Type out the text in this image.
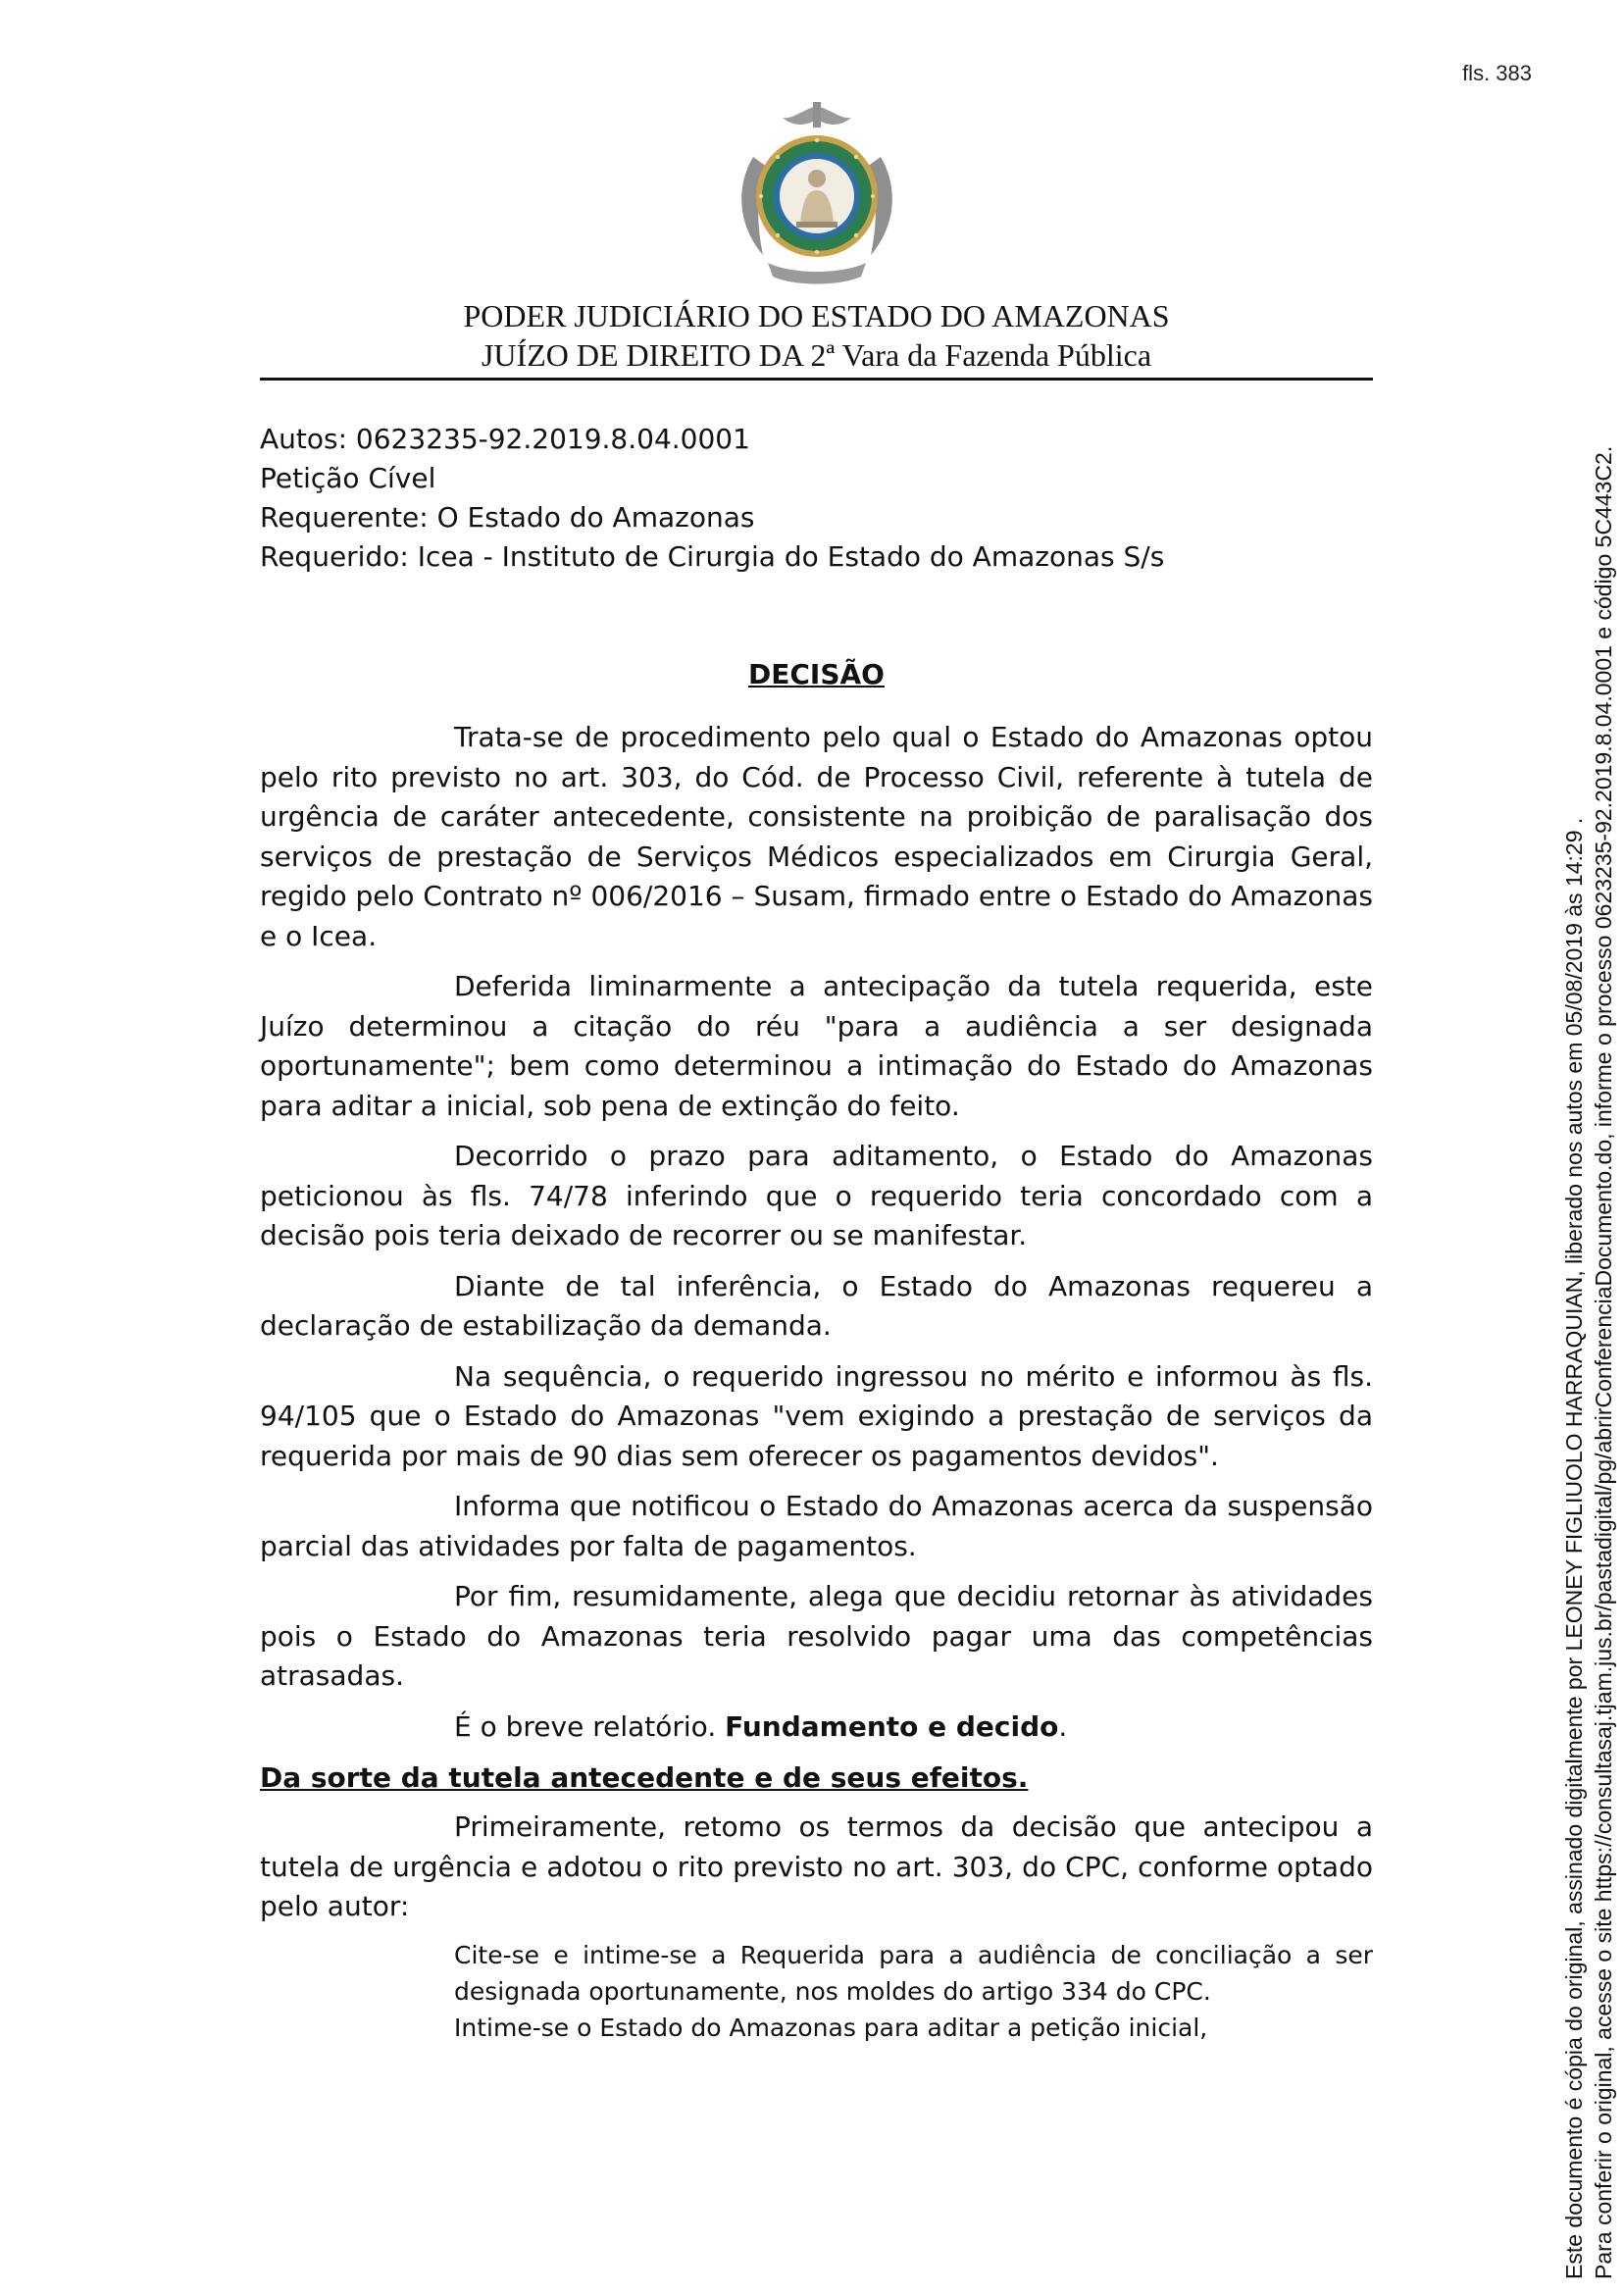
fls. 383
PODER JUDICIÁRIO DO ESTADO DO AMAZONAS
JUÍZO DE DIREITO DA 2ª Vara da Fazenda Pública

Autos: 0623235-92.2019.8.04.0001

Petição Cível

Requerente: O Estado do Amazonas

Requerido: Icea - Instituto de Cirurgia do Estado do Amazonas S/s

DECISÃO

Trata-se de procedimento pelo qual o Estado do Amazonas optou pelo rito previsto no art. 303, do Cód. de Processo Civil, referente à tutela de urgência de caráter antecedente, consistente na proibição de paralisação dos serviços de prestação de Serviços Médicos especializados em Cirurgia Geral, regido pelo Contrato nº 006/2016 – Susam, firmado entre o Estado do Amazonas e o Icea.

Deferida liminarmente a antecipação da tutela requerida, este Juízo determinou a citação do réu "para a audiência a ser designada oportunamente"; bem como determinou a intimação do Estado do Amazonas para aditar a inicial, sob pena de extinção do feito.

Decorrido o prazo para aditamento, o Estado do Amazonas peticionou às fls. 74/78 inferindo que o requerido teria concordado com a decisão pois teria deixado de recorrer ou se manifestar.

Diante de tal inferência, o Estado do Amazonas requereu a declaração de estabilização da demanda.

Na sequência, o requerido ingressou no mérito e informou às fls. 94/105 que o Estado do Amazonas "vem exigindo a prestação de serviços da requerida por mais de 90 dias sem oferecer os pagamentos devidos".

Informa que notificou o Estado do Amazonas acerca da suspensão parcial das atividades por falta de pagamentos.

Por fim, resumidamente, alega que decidiu retornar às atividades pois o Estado do Amazonas teria resolvido pagar uma das competências atrasadas.

É o breve relatório. Fundamento e decido.

Da sorte da tutela antecedente e de seus efeitos.

Primeiramente, retomo os termos da decisão que antecipou a tutela de urgência e adotou o rito previsto no art. 303, do CPC, conforme optado pelo autor:

Cite-se e intime-se a Requerida para a audiência de conciliação a ser designada oportunamente, nos moldes do artigo 334 do CPC.

Intime-se o Estado do Amazonas para aditar a petição inicial,	Este documento é cópia do original, assinado digitalmente por LEONEY FIGLIUOLO HARRAQUIAN, liberado nos autos em 05/08/2019 às 14:29 . Para conferir o original, acesse o site https://consultasaj.tjam.jus.br/pastadigital/pg/abrirConferenciaDocumento.do, informe o processo 0623235-92.2019.8.04.0001 e código 5C443C2.
